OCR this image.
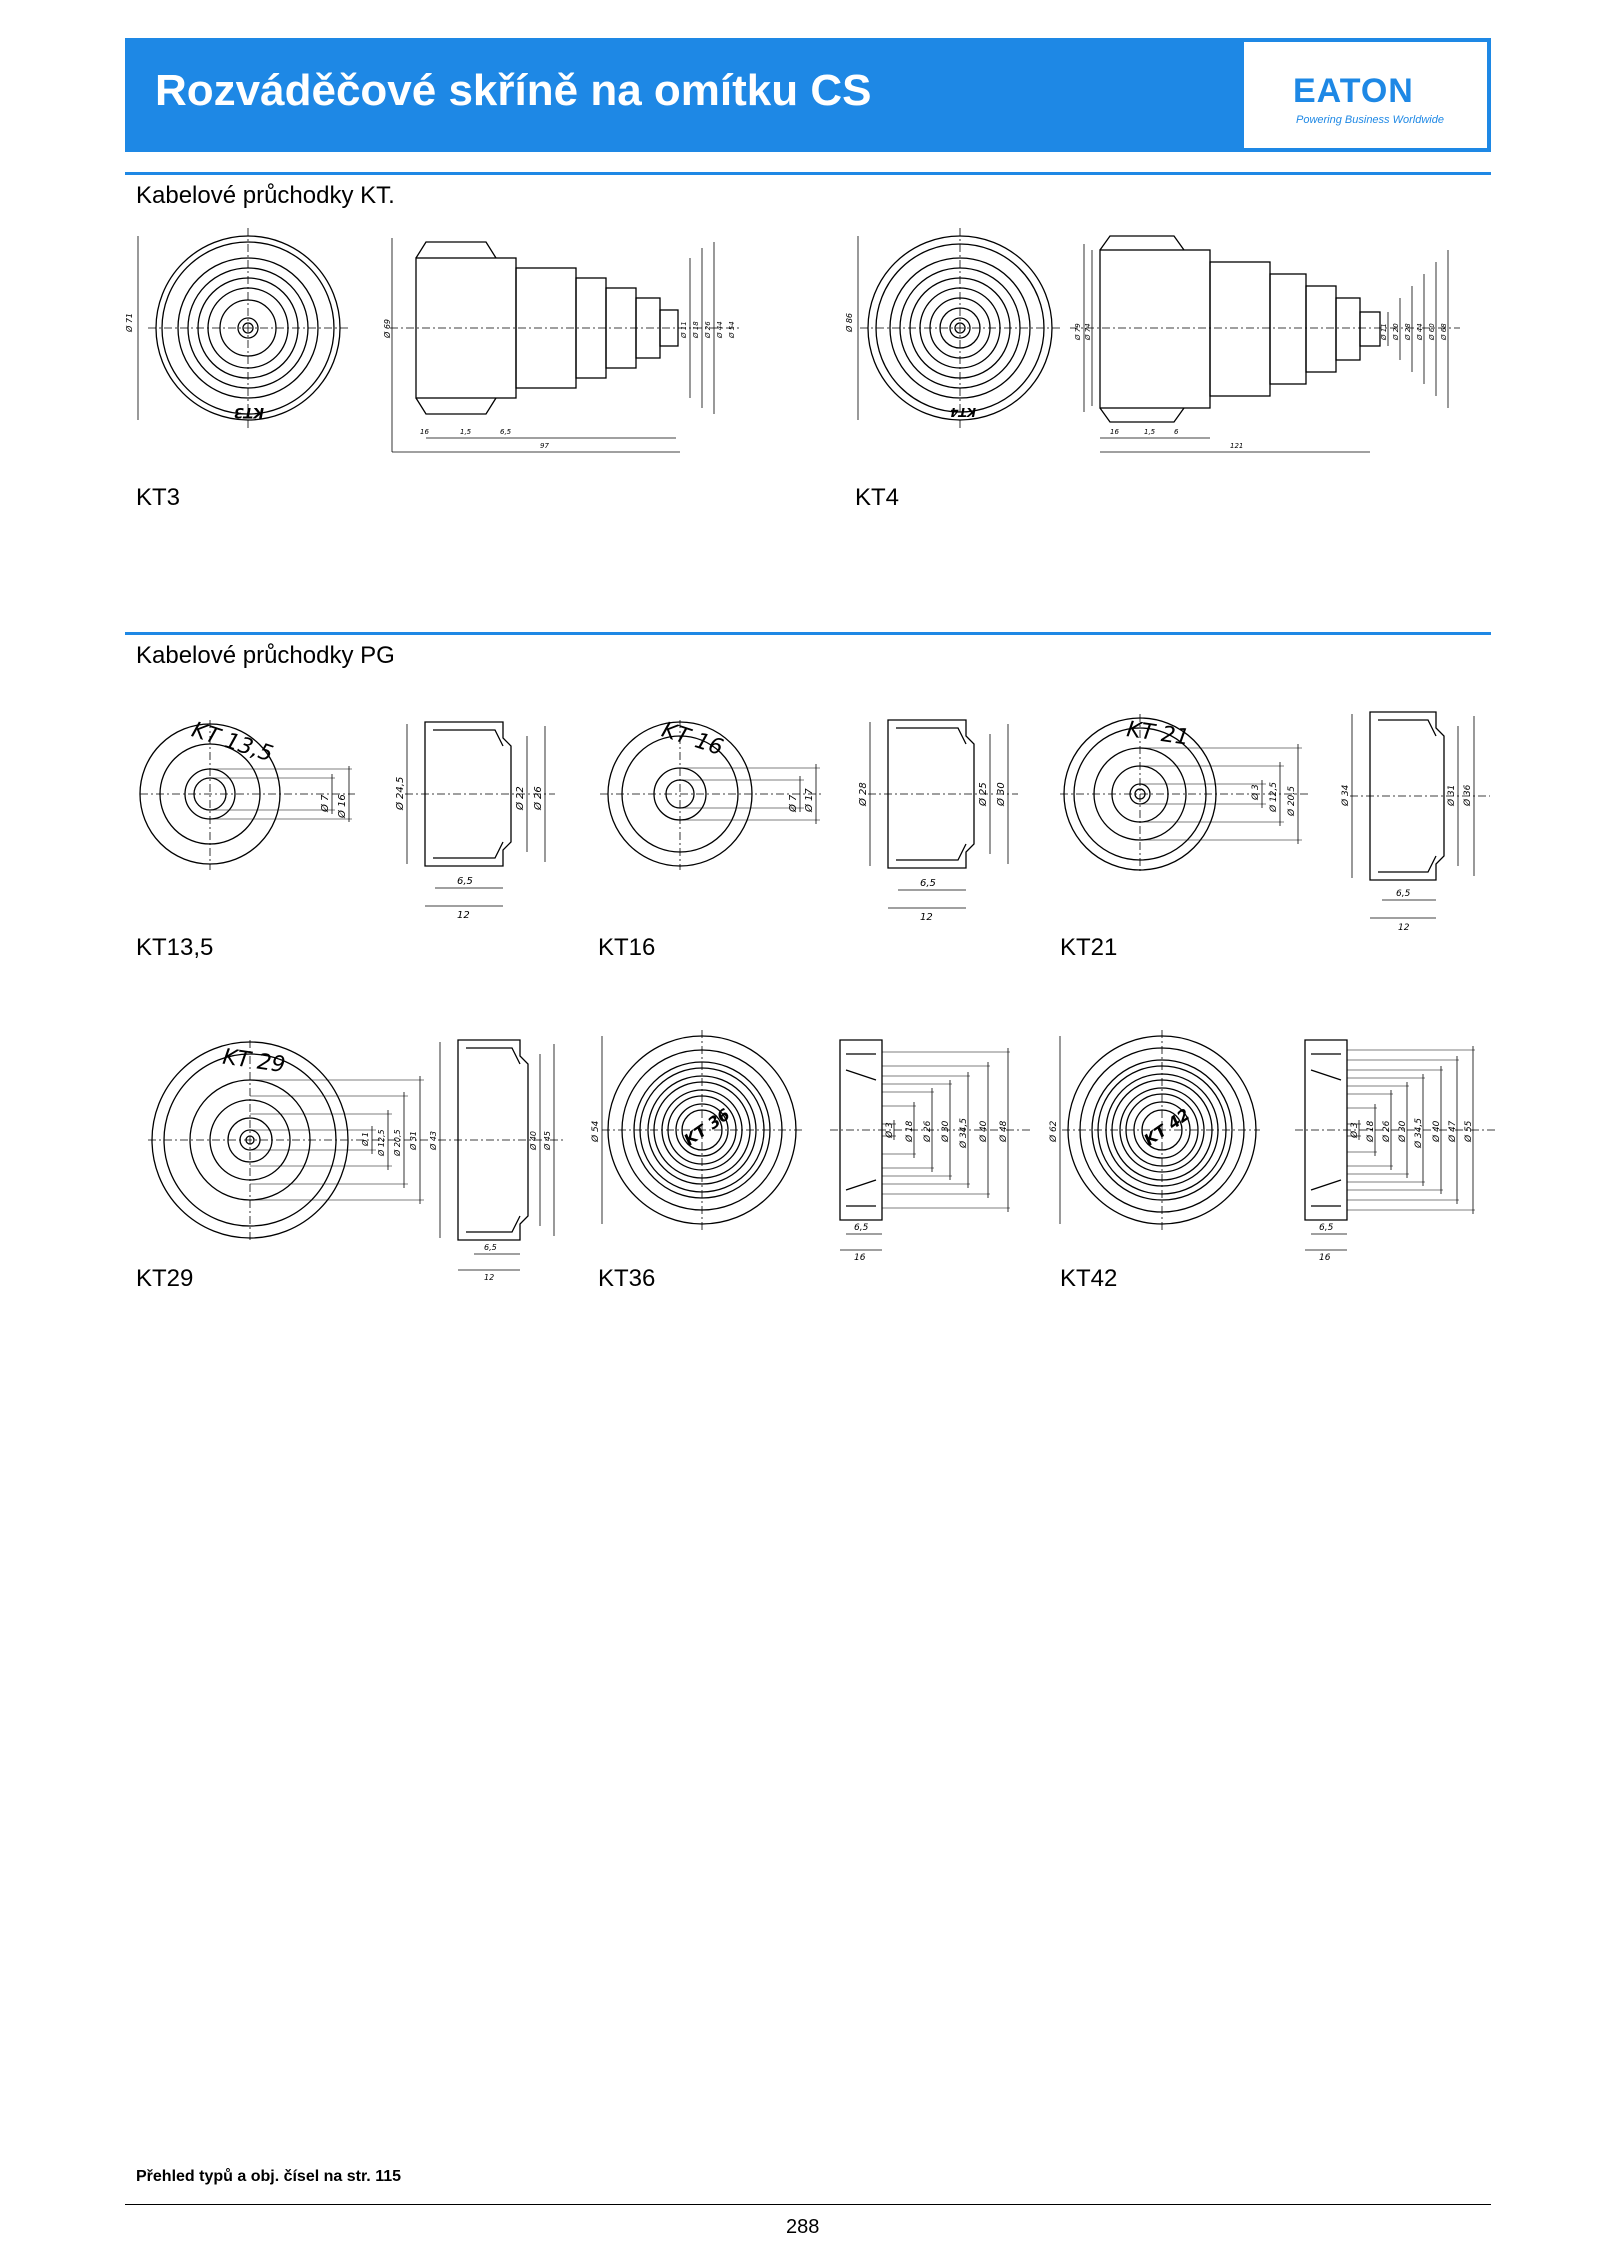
Rozváděčové skříně na omítku CS	EATON
Powering Business Worldwide
Kabelové průchodky KT.
Ø 71
KT3
Ø 69	Ø 11 Ø 18 Ø 26 Ø 44 Ø 54
16	1,5	6,5
97
Ø 86
KT4
Ø 79 Ø 74	Ø 11 Ø 20 Ø 28 Ø 44 Ø 60 Ø 68
16	1,5	6
121
KT3	KT4
Kabelové průchodky PG
KT 13,5
Ø 7 Ø 16	Ø 24,5	Ø 22 Ø 26
6,5
12
KT 16
Ø 7 Ø 17	Ø 28	Ø 25 Ø 30
6,5
12
KT 21
Ø 3 Ø 12,5 Ø 20,5	Ø 34	Ø 31 Ø 36
6,5
12
KT13,5	KT16	KT21
KT 29
Ø 1 Ø 12,5 Ø 20,5 Ø 31 Ø 43	Ø 40 Ø 45
6,5
12
KT 36
Ø 54	Ø 3 Ø 18 Ø 26 Ø 30 Ø 34,5 Ø 40 Ø 48
6,5
16
KT 42
Ø 62	Ø 3 Ø 18 Ø 26 Ø 30 Ø 34,5 Ø 40 Ø 47 Ø 55
6,5
16
KT29	KT36	KT42
Přehled typů a obj. čísel na str. 115
288
